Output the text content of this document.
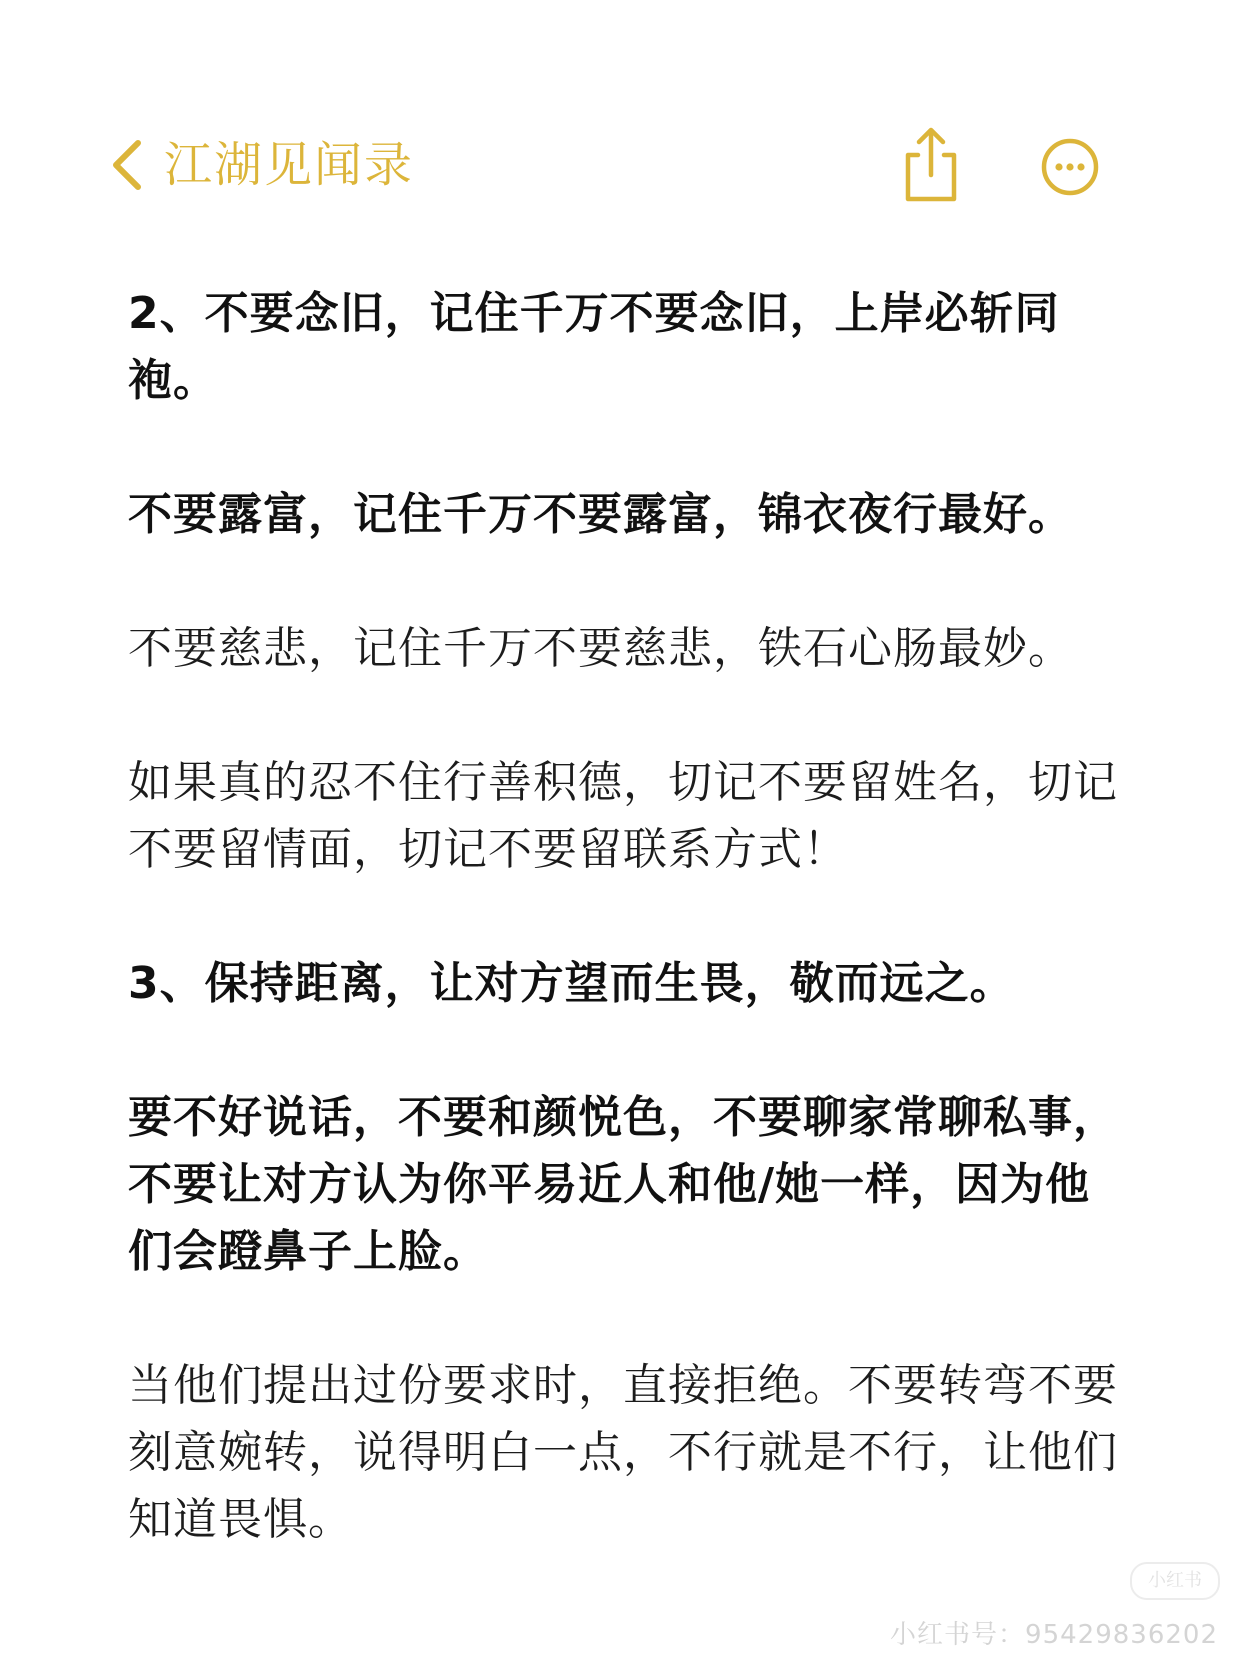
江湖见闻录

2、不要念旧，记住千万不要念旧，上岸必斩同袍。

不要露富，记住千万不要露富，锦衣夜行最好。

不要慈悲，记住千万不要慈悲，铁石心肠最妙。

如果真的忍不住行善积德，切记不要留姓名，切记不要留情面，切记不要留联系方式！

3、保持距离，让对方望而生畏，敬而远之。

要不好说话，不要和颜悦色，不要聊家常聊私事，不要让对方认为你平易近人和他/她一样，因为他们会蹬鼻子上脸。

当他们提出过份要求时，直接拒绝。不要转弯不要刻意婉转，说得明白一点，不行就是不行，让他们知道畏惧。

小红书
小红书号：95429836202
